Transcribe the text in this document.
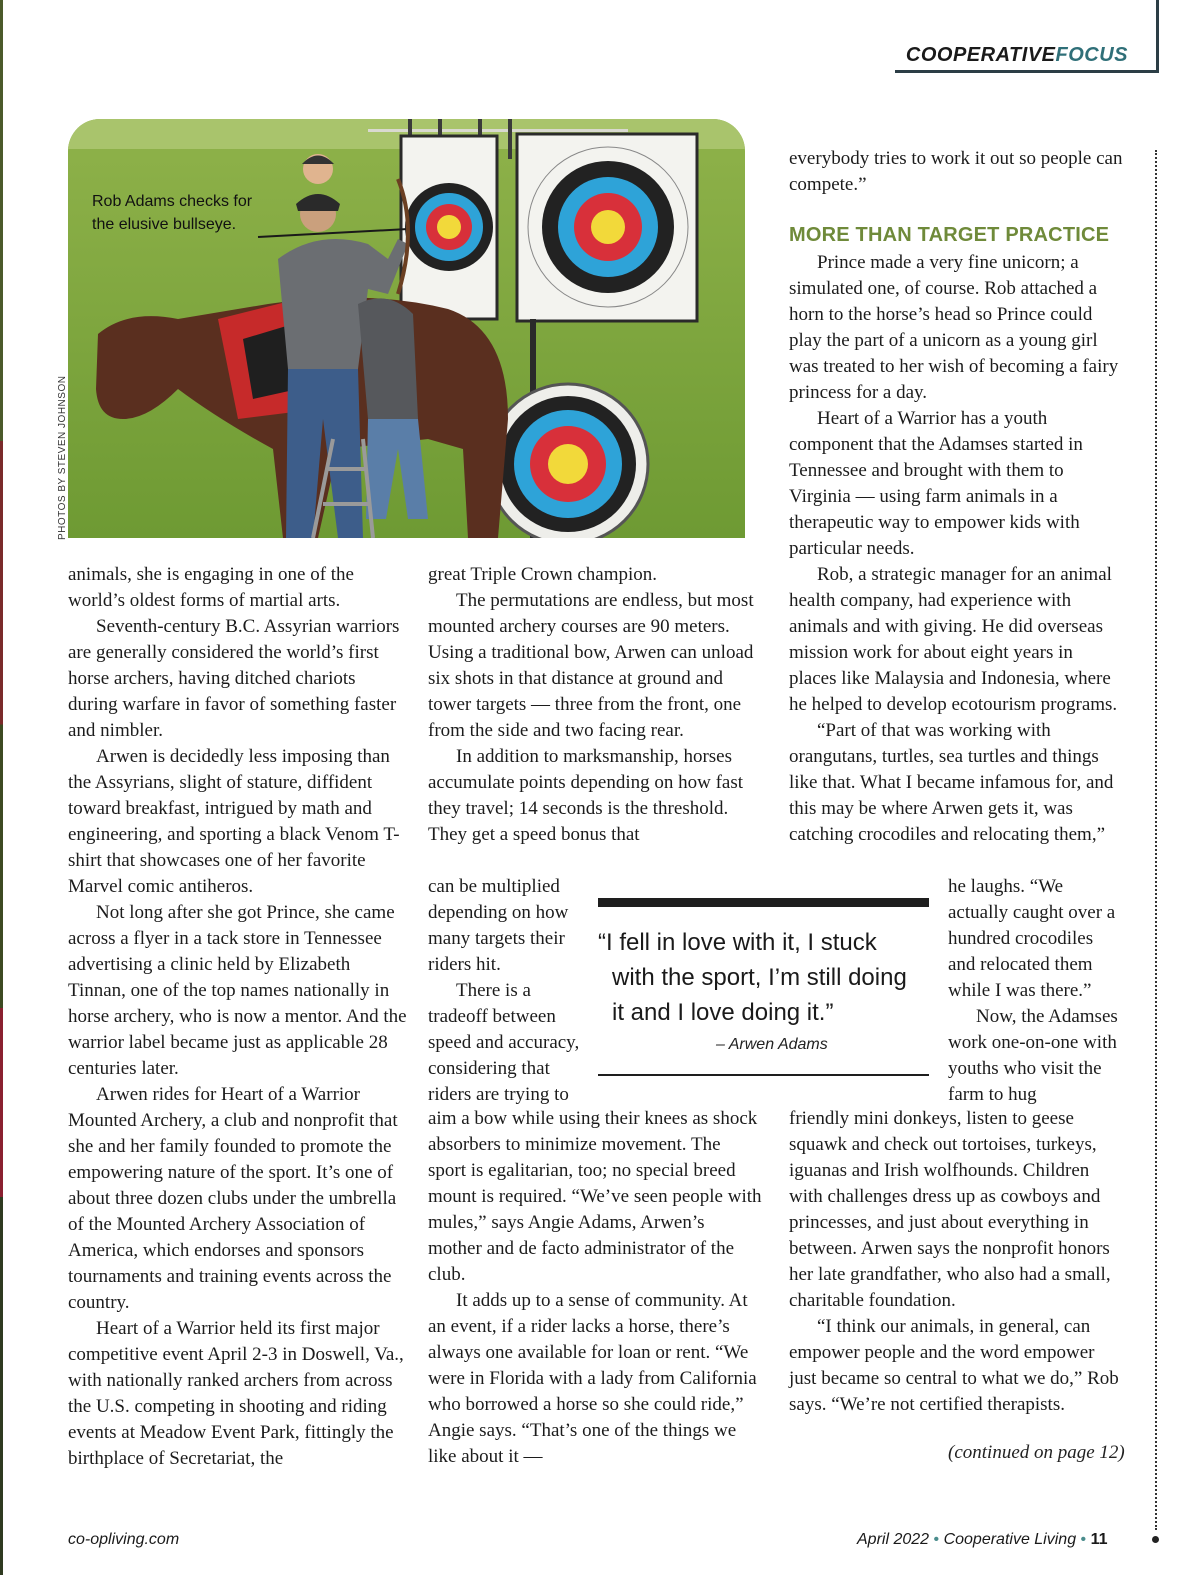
COOPERATIVEFOCUS
Rob Adams checks for
the elusive bullseye.
PHOTOS BY STEVEN JOHNSON

animals, she is engaging in one of the world’s oldest forms of martial arts.

Seventh-century B.C. Assyrian warriors are generally considered the world’s first horse archers, having ditched chariots during warfare in favor of something faster and nimbler.

Arwen is decidedly less imposing than the Assyrians, slight of stature, diffident toward breakfast, intrigued by math and engineering, and sporting a black Venom T-shirt that showcases one of her favorite Marvel comic antiheros.

Not long after she got Prince, she came across a flyer in a tack store in Tennessee advertising a clinic held by Elizabeth Tinnan, one of the top names nationally in horse archery, who is now a mentor. And the warrior label became just as applicable 28 centuries later.

Arwen rides for Heart of a Warrior Mounted Archery, a club and nonprofit that she and her family founded to promote the empowering nature of the sport. It’s one of about three dozen clubs under the umbrella of the Mounted Archery Association of America, which endorses and sponsors tournaments and training events across the country.

Heart of a Warrior held its first major competitive event April 2-3 in Doswell, Va., with nationally ranked archers from across the U.S. competing in shooting and riding events at Meadow Event Park, fittingly the birthplace of Secretariat, the

great Triple Crown champion.

The permutations are endless, but most mounted archery courses are 90 meters. Using a traditional bow, Arwen can unload six shots in that distance at ground and tower targets — three from the front, one from the side and two facing rear.

In addition to marksmanship, horses accumulate points depending on how fast they travel; 14 seconds is the threshold. They get a speed bonus that

can be multiplied depending on how many targets their riders hit.

There is a tradeoff between speed and accuracy, considering that riders are trying to

aim a bow while using their knees as shock absorbers to minimize movement. The sport is egalitarian, too; no special breed mount is required. “We’ve seen people with mules,” says Angie Adams, Arwen’s mother and de facto administrator of the club.

It adds up to a sense of community. At an event, if a rider lacks a horse, there’s always one available for loan or rent. “We were in Florida with a lady from California who borrowed a horse so she could ride,” Angie says. “That’s one of the things we like about it —

everybody tries to work it out so people can compete.”

MORE THAN TARGET PRACTICE

Prince made a very fine unicorn; a simulated one, of course. Rob attached a horn to the horse’s head so Prince could play the part of a unicorn as a young girl was treated to her wish of becoming a fairy princess for a day.

Heart of a Warrior has a youth component that the Adamses started in Tennessee and brought with them to Virginia — using farm animals in a therapeutic way to empower kids with particular needs.

Rob, a strategic manager for an animal health company, had experience with animals and with giving. He did overseas mission work for about eight years in places like Malaysia and Indonesia, where he helped to develop ecotourism programs.

“Part of that was working with orangutans, turtles, sea turtles and things like that. What I became infamous for, and this may be where Arwen gets it, was catching crocodiles and relocating them,”

he laughs. “We actually caught over a hundred crocodiles and relocated them while I was there.”

Now, the Adamses work one-on-one with youths who visit the farm to hug

friendly mini donkeys, listen to geese squawk and check out tortoises, turkeys, iguanas and Irish wolfhounds. Children with challenges dress up as cowboys and princesses, and just about everything in between. Arwen says the nonprofit honors her late grandfather, who also had a small, charitable foundation.

“I think our animals, in general, can empower people and the word empower just became so central to what we do,” Rob says. “We’re not certified therapists.

“I fell in love with it, I stuck
with the sport, I’m still doing
it and I love doing it.”
– Arwen Adams
(continued on page 12)
co-opliving.com	April 2022 • Cooperative Living • 11
